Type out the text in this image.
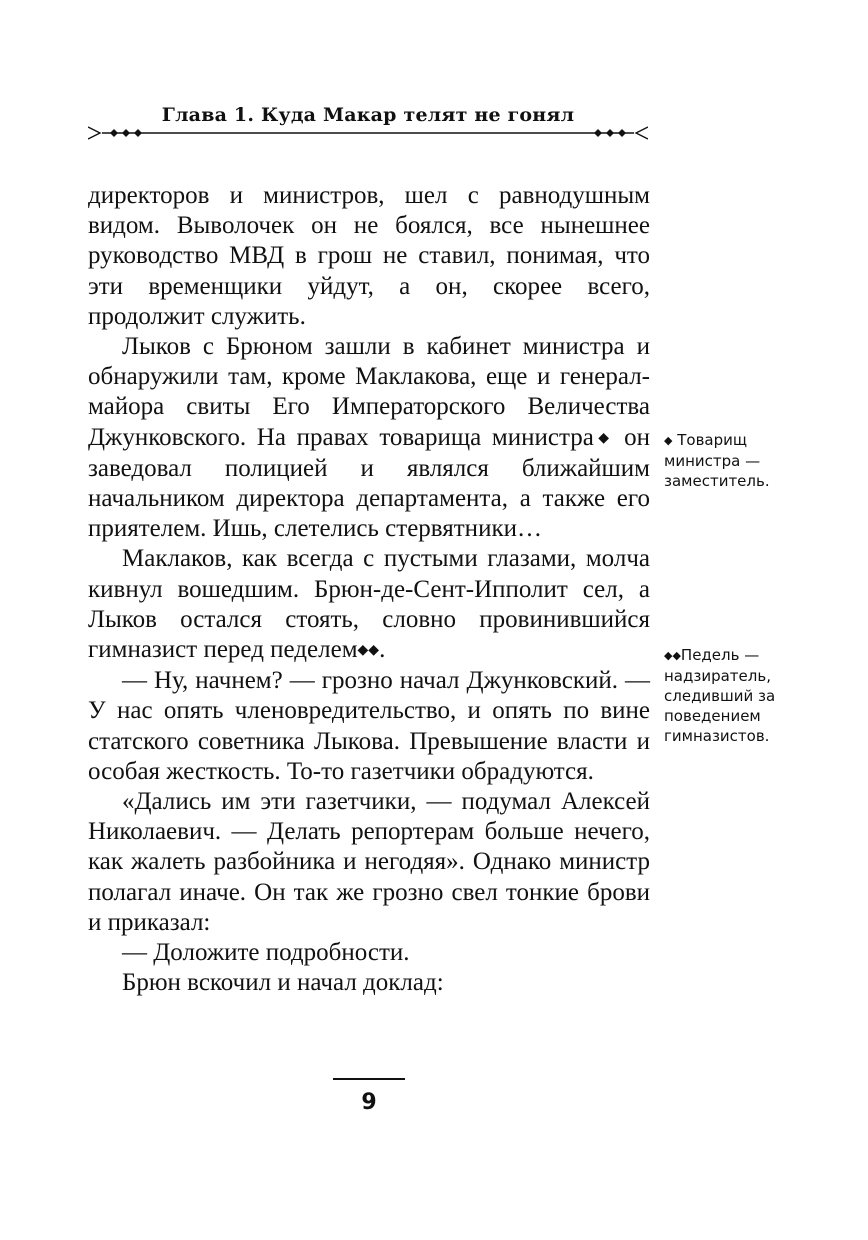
Глава 1. Куда Макар телят не гонял

директоров и министров, шел с равнодушным видом. Выволочек он не боялся, все нынешнее руководство МВД в грош не ставил, понимая, что эти временщики уйдут, а он, скорее всего, продолжит служить.

Лыков с Брюном зашли в кабинет министра и обнаружили там, кроме Маклакова, еще и генерал-майора свиты Его Императорского Величества Джунковского. На правах товарища министра◆ он заведовал полицией и являлся ближайшим начальником директора департамента, а также его приятелем. Ишь, слетелись стервятники…

Маклаков, как всегда с пустыми глазами, молча кивнул вошедшим. Брюн-де-Сент-Ипполит сел, а Лыков остался стоять, словно провинившийся гимназист перед педелем◆◆.

— Ну, начнем? — грозно начал Джунковский. — У нас опять членовредительство, и опять по вине статского советника Лыкова. Превышение власти и особая жесткость. То-то газетчики обрадуются.

«Дались им эти газетчики, — подумал Алексей Николаевич. — Делать репортерам больше нечего, как жалеть разбойника и негодяя». Однако министр полагал иначе. Он так же грозно свел тонкие брови и приказал:

— Доложите подробности.

Брюн вскочил и начал доклад:

◆ Товарищ
министра —
заместитель.
◆◆Педель —
надзиратель,
следивший за
поведением
гимназистов.
9
